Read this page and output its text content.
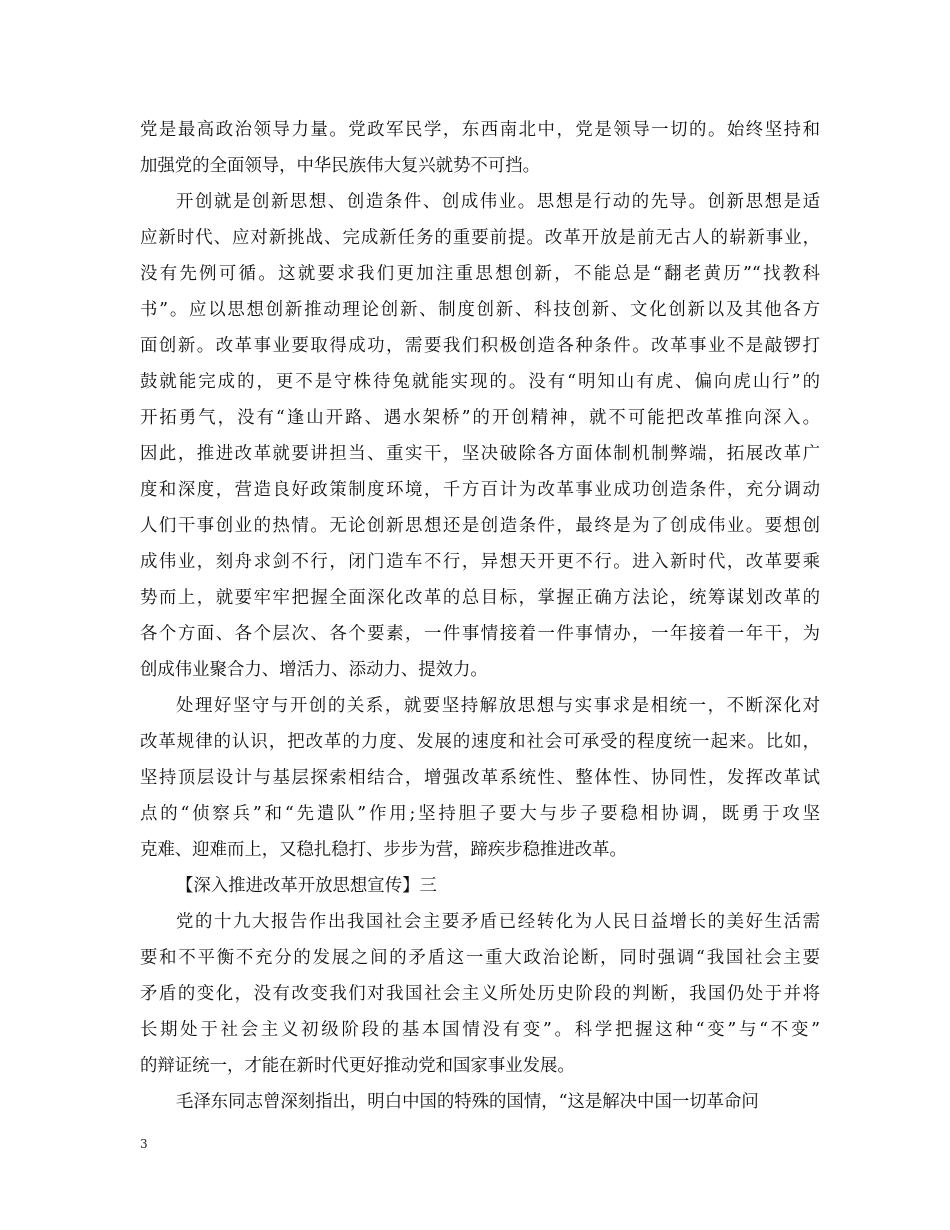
党是最高政治领导力量。党政军民学，东西南北中，党是领导一切的。始终坚持和
加强党的全面领导，中华民族伟大复兴就势不可挡。
开创就是创新思想、创造条件、创成伟业。思想是行动的先导。创新思想是适
应新时代、应对新挑战、完成新任务的重要前提。改革开放是前无古人的崭新事业，
没有先例可循。这就要求我们更加注重思想创新，不能总是“翻老黄历”“找教科
书”。应以思想创新推动理论创新、制度创新、科技创新、文化创新以及其他各方
面创新。改革事业要取得成功，需要我们积极创造各种条件。改革事业不是敲锣打
鼓就能完成的，更不是守株待兔就能实现的。没有“明知山有虎、偏向虎山行”的
开拓勇气，没有“逢山开路、遇水架桥”的开创精神，就不可能把改革推向深入。
因此，推进改革就要讲担当、重实干，坚决破除各方面体制机制弊端，拓展改革广
度和深度，营造良好政策制度环境，千方百计为改革事业成功创造条件，充分调动
人们干事创业的热情。无论创新思想还是创造条件，最终是为了创成伟业。要想创
成伟业，刻舟求剑不行，闭门造车不行，异想天开更不行。进入新时代，改革要乘
势而上，就要牢牢把握全面深化改革的总目标，掌握正确方法论，统筹谋划改革的
各个方面、各个层次、各个要素，一件事情接着一件事情办，一年接着一年干，为
创成伟业聚合力、增活力、添动力、提效力。
处理好坚守与开创的关系，就要坚持解放思想与实事求是相统一，不断深化对
改革规律的认识，把改革的力度、发展的速度和社会可承受的程度统一起来。比如，
坚持顶层设计与基层探索相结合，增强改革系统性、整体性、协同性，发挥改革试
点的“侦察兵”和“先遣队”作用;坚持胆子要大与步子要稳相协调，既勇于攻坚
克难、迎难而上，又稳扎稳打、步步为营，蹄疾步稳推进改革。
【深入推进改革开放思想宣传】三
党的十九大报告作出我国社会主要矛盾已经转化为人民日益增长的美好生活需
要和不平衡不充分的发展之间的矛盾这一重大政治论断，同时强调“我国社会主要
矛盾的变化，没有改变我们对我国社会主义所处历史阶段的判断，我国仍处于并将
长期处于社会主义初级阶段的基本国情没有变”。科学把握这种“变”与“不变”
的辩证统一，才能在新时代更好推动党和国家事业发展。
毛泽东同志曾深刻指出，明白中国的特殊的国情，“这是解决中国一切革命问
3
